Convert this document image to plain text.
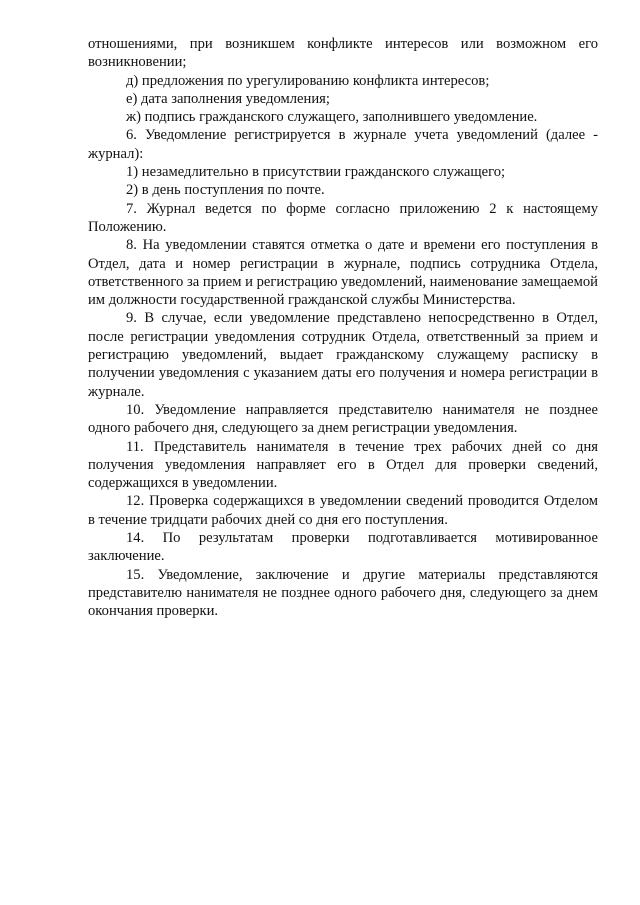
отношениями, при возникшем конфликте интересов или возможном его возникновении;

д) предложения по урегулированию конфликта интересов;

е) дата заполнения уведомления;

ж) подпись гражданского служащего, заполнившего уведомление.

6. Уведомление регистрируется в журнале учета уведомлений (далее - журнал):

1) незамедлительно в присутствии гражданского служащего;

2) в день поступления по почте.

7. Журнал ведется по форме согласно приложению 2 к настоящему Положению.

8. На уведомлении ставятся отметка о дате и времени его поступления в Отдел, дата и номер регистрации в журнале, подпись сотрудника Отдела, ответственного за прием и регистрацию уведомлений, наименование замещаемой им должности государственной гражданской службы Министерства.

9. В случае, если уведомление представлено непосредственно в Отдел, после регистрации уведомления сотрудник Отдела, ответственный за прием и регистрацию уведомлений, выдает гражданскому служащему расписку в получении уведомления с указанием даты его получения и номера регистрации в журнале.

10. Уведомление направляется представителю нанимателя не позднее одного рабочего дня, следующего за днем регистрации уведомления.

11. Представитель нанимателя в течение трех рабочих дней со дня получения уведомления направляет его в Отдел для проверки сведений, содержащихся в уведомлении.

12. Проверка содержащихся в уведомлении сведений проводится Отделом в течение тридцати рабочих дней со дня его поступления.

14. По результатам проверки подготавливается мотивированное заключение.

15. Уведомление, заключение и другие материалы представляются представителю нанимателя не позднее одного рабочего дня, следующего за днем окончания проверки.
